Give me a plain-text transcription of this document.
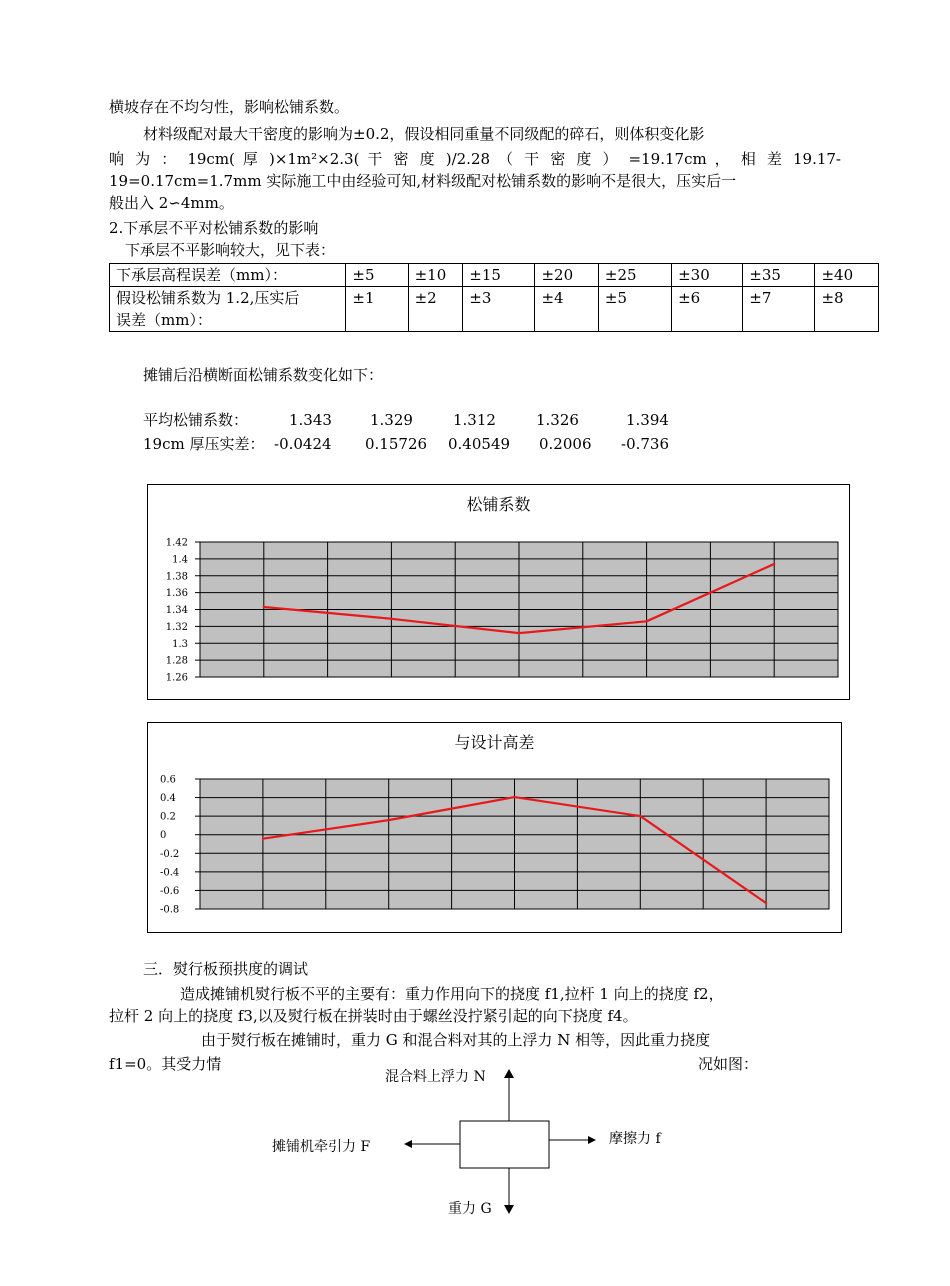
横坡存在不均匀性，影响松铺系数。
材料级配对最大干密度的影响为±0.2，假设相同重量不同级配的碎石，则体积变化影
响 为 ： 19cm( 厚 )×1m²×2.3( 干 密 度 )/2.28 （ 干 密 度 ） =19.17cm ， 相 差 19.17-
19=0.17cm=1.7mm 实际施工中由经验可知,材料级配对松铺系数的影响不是很大，压实后一
般出入 2∽4mm。
2.下承层不平对松铺系数的影响
下承层不平影响较大，见下表：
下承层高程误差（mm）：	±5	±10	±15	±20	±25	±30	±35	±40
假设松铺系数为 1.2,压实后
误差（mm）：	±1	±2	±3	±4	±5	±6	±7	±8
摊铺后沿横断面松铺系数变化如下：
平均松铺系数：	1.343	1.329	1.312	1.326	1.394
19cm 厚压实差： -0.0424 0.15726 0.40549 0.2006 -0.736
松铺系数
1.42
1.4
1.38
1.36
1.34
1.32
1.3
1.28
1.26
与设计高差
0.6
0.4
0.2
0
-0.2
-0.4
-0.6
-0.8
三．熨行板预拱度的调试
造成摊铺机熨行板不平的主要有：重力作用向下的挠度 f1,拉杆 1 向上的挠度 f2，
拉杆 2 向上的挠度 f3,以及熨行板在拼装时由于螺丝没拧紧引起的向下挠度 f4。
由于熨行板在摊铺时，重力 G 和混合料对其的上浮力 N 相等，因此重力挠度
f1=0。其受力情	况如图：
混合料上浮力 N
摩擦力 f
摊铺机牵引力 F
重力 G
